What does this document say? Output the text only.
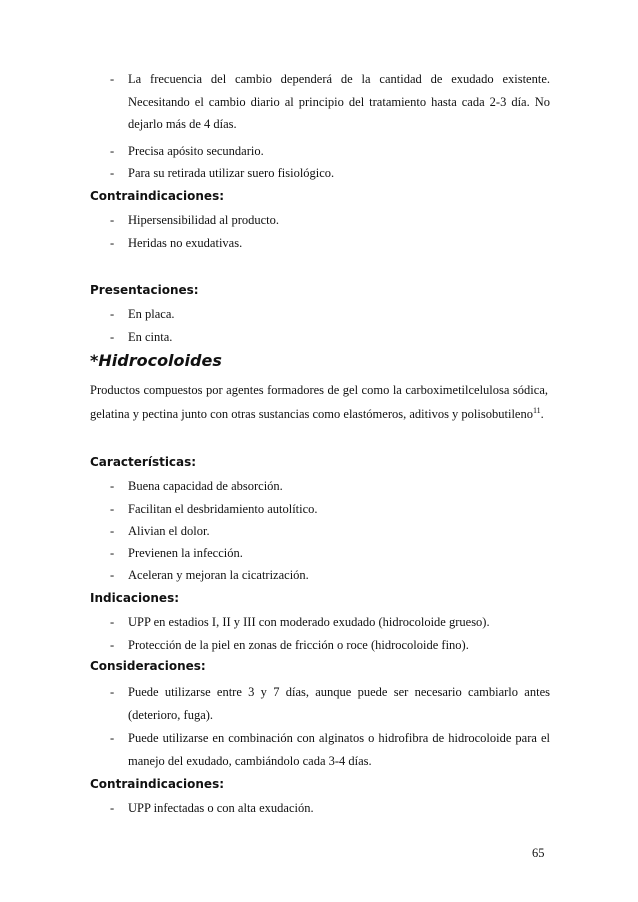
- La frecuencia del cambio dependerá de la cantidad de exudado existente. Necesitando el cambio diario al principio del tratamiento hasta cada 2-3 día. No dejarlo más de 4 días.
- Precisa apósito secundario.
- Para su retirada utilizar suero fisiológico.
Contraindicaciones:
- Hipersensibilidad al producto.
- Heridas no exudativas.
Presentaciones:
- En placa.
- En cinta.
*Hidrocoloides
Productos compuestos por agentes formadores de gel como la carboximetilcelulosa sódica, gelatina y pectina junto con otras sustancias como elastómeros, aditivos y polisobutileno$^{11}$.
Características:
- Buena capacidad de absorción.
- Facilitan el desbridamiento autolítico.
- Alivian el dolor.
- Previenen la infección.
- Aceleran y mejoran la cicatrización.
Indicaciones:
- UPP en estadios I, II y III con moderado exudado (hidrocoloide grueso).
- Protección de la piel en zonas de fricción o roce (hidrocoloide fino).
Consideraciones:
- Puede utilizarse entre 3 y 7 días, aunque puede ser necesario cambiarlo antes (deterioro, fuga).
- Puede utilizarse en combinación con alginatos o hidrofibra de hidrocoloide para el manejo del exudado, cambiándolo cada 3-4 días.
Contraindicaciones:
- UPP infectadas o con alta exudación.
65
